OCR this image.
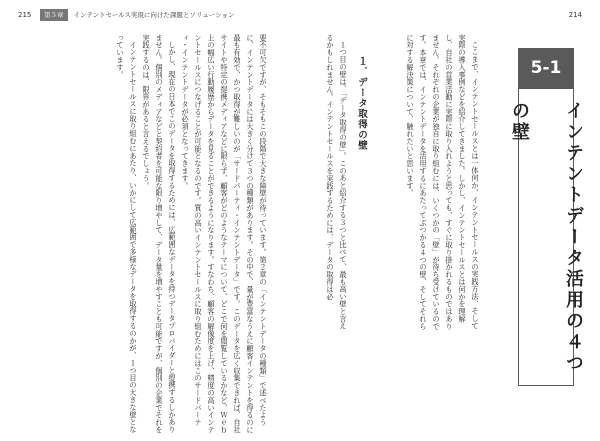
215	第５章	インテントセールス実現に向けた課題とソリューション	214
5-1
インテントデータ活用の４つの壁

ここまで、インテントセールスとは一体何か、インテントセールスの実践方法、そして実際の導入事例などを紹介してきました。しかし、インテントセールスとは何かを理解し、自社の営業活動に実際に取り入れようと思っても、すぐに取り掛かれるものではありません。それぞれの企業が独自に取り組むには、いくつかの「壁」が待ち受けているのです。本章では、インテントデータを活用するにあたってぶつかる４つの壁、そしてそれらに対する解決策について、触れたいと思います。

１．データ取得の壁

１つ目の壁は、「データ取得の壁」。このあと紹介する３つと比べて、最も高い壁と言えるかもしれません。インテントセールスを実践するためには、データの取得は必

要不可欠ですが、そもそもこの段階で大きな障壁が待っています。第２章の「インテントデータの種類」で述べたように、インテントデータには大きく分けて３つの種類があります。その中で、量が豊富なうえに顧客インテントを得るのに最も有効で、かつ取得が難しいのが「サードパーティ・インテントデータ」です。このデータを広く収集できれば、自社サイトや特定の提携メディアなどに限らず、顧客がどのようなテーマについて、どこで何を閲覧しているかなど、Ｗｅｂ上の幅広い行動履歴からデータを見ることができるようになります。すなわち、顧客の解像度を上げ、精度の高いインテントセールスにつなげることが可能となるのです。質の高いインテントセールスに取り組むためにはこのサードパーティ・インテントデータが必須となってきます。

しかし、現在の日本でこのデータを取得するためには、広範囲なデータを持つデータプロバイダーと提携するしかありません。個別のメディアなどと契約者を可能な限り増やして、データ量を増やすことも可能ですが、個別の企業でそれを実践するのは、限界があると言えるでしょう。

インテントセールスに取り組むにあたり、いかにして広範囲で多様なデータを取得するのかが、１つ目の大きな壁となっています。
